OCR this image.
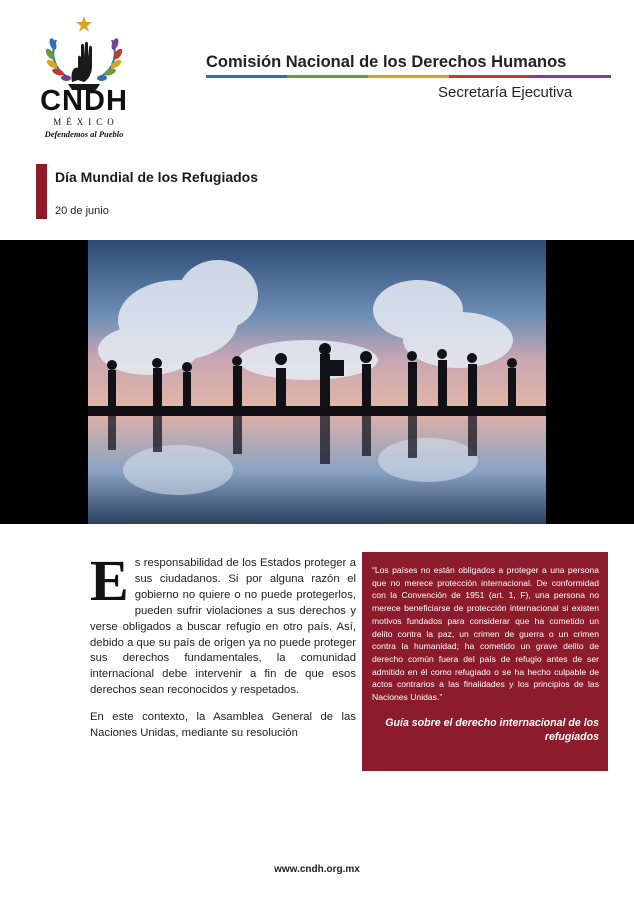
CNDH
MÉXICO
Defendemos al Pueblo
Comisión Nacional de los Derechos Humanos
Secretaría Ejecutiva
Día Mundial de los Refugiados
20 de junio

E s responsabilidad de los Estados proteger a sus ciudadanos. Si por alguna razón el gobierno no quiere o no puede protegerlos, pueden sufrir violaciones a sus derechos y verse obligados a buscar refugio en otro país. Así, debido a que su país de origen ya no puede proteger sus derechos fundamentales, la comunidad internacional debe intervenir a fin de que esos derechos sean reconocidos y respetados.

En este contexto, la Asamblea General de las Naciones Unidas, mediante su resolución

“Los países no están obligados a proteger a una persona que no merece protección internacional. De conformidad con la Convención de 1951 (art. 1, F), una persona no merece beneficiarse de protección internacional si existen motivos fundados para considerar que ha cometido un delito contra la paz, un crimen de guerra o un crimen contra la humanidad; ha cometido un grave delito de derecho común fuera del país de refugio antes de ser admitido en él como refugiado o se ha hecho culpable de actos contrarios a las finalidades y los principios de las Naciones Unidas.”
Guía sobre el derecho internacional de los refugiados
www.cndh.org.mx
